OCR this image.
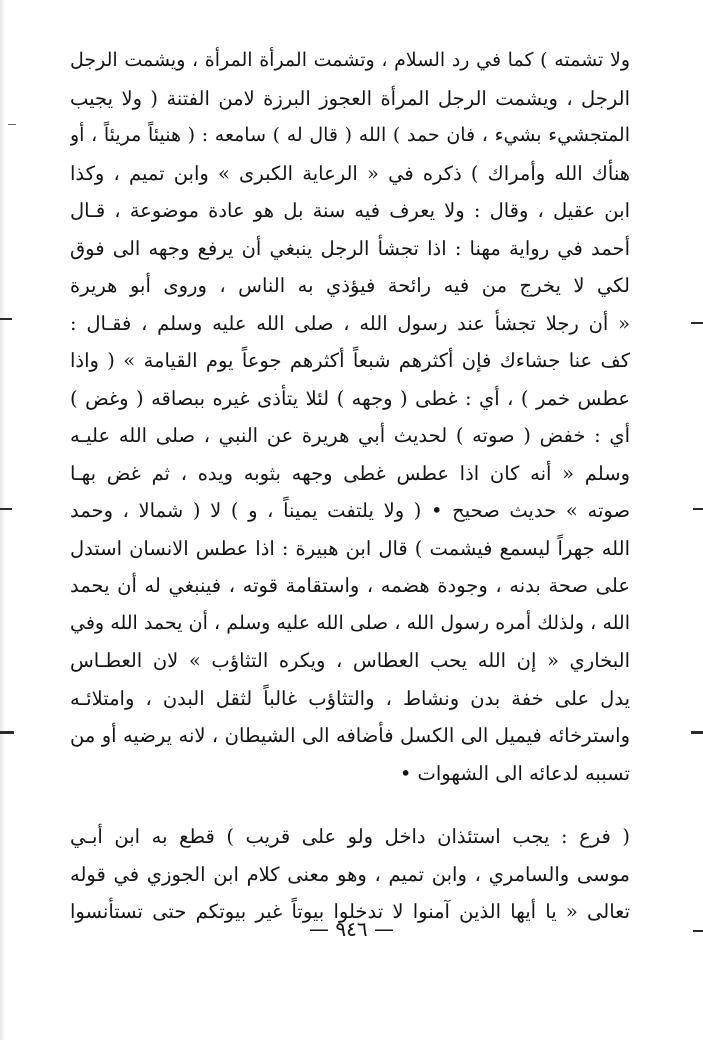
ولا تشمته ) كما في رد السلام ، وتشمت المرأة المرأة ، ويشمت الرجل
الرجل ، ويشمت الرجل المرأة العجوز البرزة لامن الفتنة ( ولا يجيب
المتجشيء بشيء ، فان حمد ) الله ( قال له ) سامعه : ( هنيئاً مريئاً ، أو
هنأك الله وأمراك ) ذكره في « الرعاية الكبرى » وابن تميم ، وكذا
ابن عقيل ، وقال : ولا يعرف فيه سنة بل هو عادة موضوعة ، قـال
أحمد في رواية مهنا : اذا تجشأ الرجل ينبغي أن يرفع وجهه الى فوق
لكي لا يخرج من فيه رائحة فيؤذي به الناس ، وروى أبو هريرة
« أن رجلا تجشأ عند رسول الله ، صلى الله عليه وسلم ، فقـال :
كف عنا جشاءك فإن أكثرهم شبعاً أكثرهم جوعاً يوم القيامة » ( واذا
عطس خمر ) ، أي : غطى ( وجهه ) لئلا يتأذى غيره ببصاقه ( وغض )
أي : خفض ( صوته ) لحديث أبي هريرة عن النبي ، صلى الله عليـه
وسلم « أنه كان اذا عطس غطى وجهه بثوبه ويده ، ثم غض بهـا
صوته » حديث صحيح • ( ولا يلتفت يميناً ، و ) لا ( شمالا ، وحمد
الله جهراً ليسمع فيشمت ) قال ابن هبيرة : اذا عطس الانسان استدل
على صحة بدنه ، وجودة هضمه ، واستقامة قوته ، فينبغي له أن يحمد
الله ، ولذلك أمره رسول الله ، صلى الله عليه وسلم ، أن يحمد الله وفي
البخاري « إن الله يحب العطاس ، ويكره التثاؤب » لان العطـاس
يدل على خفة بدن ونشاط ، والتثاؤب غالباً لثقل البدن ، وامتلائـه
واسترخائه فيميل الى الكسل فأضافه الى الشيطان ، لانه يرضيه أو من
تسببه لدعائه الى الشهوات •
( فرع : يجب استئذان داخل ولو على قريب ) قطع به ابن أبـي
موسى والسامري ، وابن تميم ، وهو معنى كلام ابن الجوزي في قوله
تعالى « يا أيها الذين آمنوا لا تدخلوا بيوتاً غير بيوتكم حتى تستأنسوا
— ٩٤٦ —
